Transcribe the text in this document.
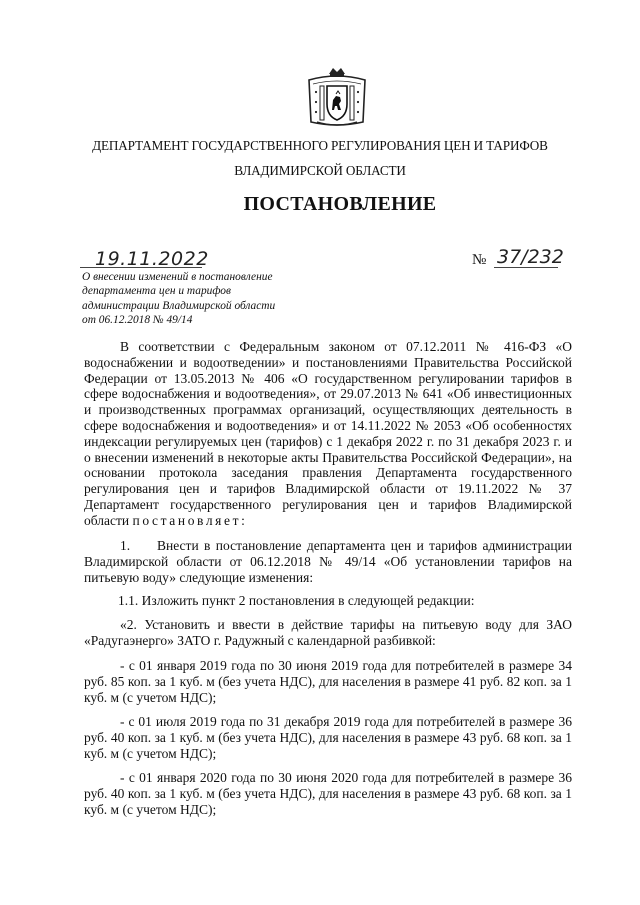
ДЕПАРТАМЕНТ ГОСУДАРСТВЕННОГО РЕГУЛИРОВАНИЯ ЦЕН И ТАРИФОВ
ВЛАДИМИРСКОЙ ОБЛАСТИ
ПОСТАНОВЛЕНИЕ
19.11.2022	№ 37/232
О внесении изменений в постановление
департамента цен и тарифов
администрации Владимирской области
от 06.12.2018 № 49/14

В соответствии с Федеральным законом от 07.12.2011 № 416-ФЗ «О водоснабжении и водоотведении» и постановлениями Правительства Российской Федерации от 13.05.2013 № 406 «О государственном регулировании тарифов в сфере водоснабжения и водоотведения», от 29.07.2013 № 641 «Об инвестиционных и производственных программах организаций, осуществляющих деятельность в сфере водоснабжения и водоотведения» и от 14.11.2022 № 2053 «Об особенностях индексации регулируемых цен (тарифов) с 1 декабря 2022 г. по 31 декабря 2023 г. и о внесении изменений в некоторые акты Правительства Российской Федерации», на основании протокола заседания правления Департамента государственного регулирования цен и тарифов Владимирской области от 19.11.2022 № 37 Департамент государственного регулирования цен и тарифов Владимирской области постановляет:

1.     Внести в постановление департамента цен и тарифов администрации Владимирской области от 06.12.2018 № 49/14 «Об установлении тарифов на питьевую воду» следующие изменения:

1.1. Изложить пункт 2 постановления в следующей редакции:

«2. Установить и ввести в действие тарифы на питьевую воду для ЗАО «Радугаэнерго» ЗАТО г. Радужный с календарной разбивкой:

- с 01 января 2019 года по 30 июня 2019 года для потребителей в размере 34 руб. 85 коп. за 1 куб. м (без учета НДС), для населения в размере 41 руб. 82 коп. за 1 куб. м (с учетом НДС);

- с 01 июля 2019 года по 31 декабря 2019 года для потребителей в размере 36 руб. 40 коп. за 1 куб. м (без учета НДС), для населения в размере 43 руб. 68 коп. за 1 куб. м (с учетом НДС);

- с 01 января 2020 года по 30 июня 2020 года для потребителей в размере 36 руб. 40 коп. за 1 куб. м (без учета НДС), для населения в размере 43 руб. 68 коп. за 1 куб. м (с учетом НДС);
